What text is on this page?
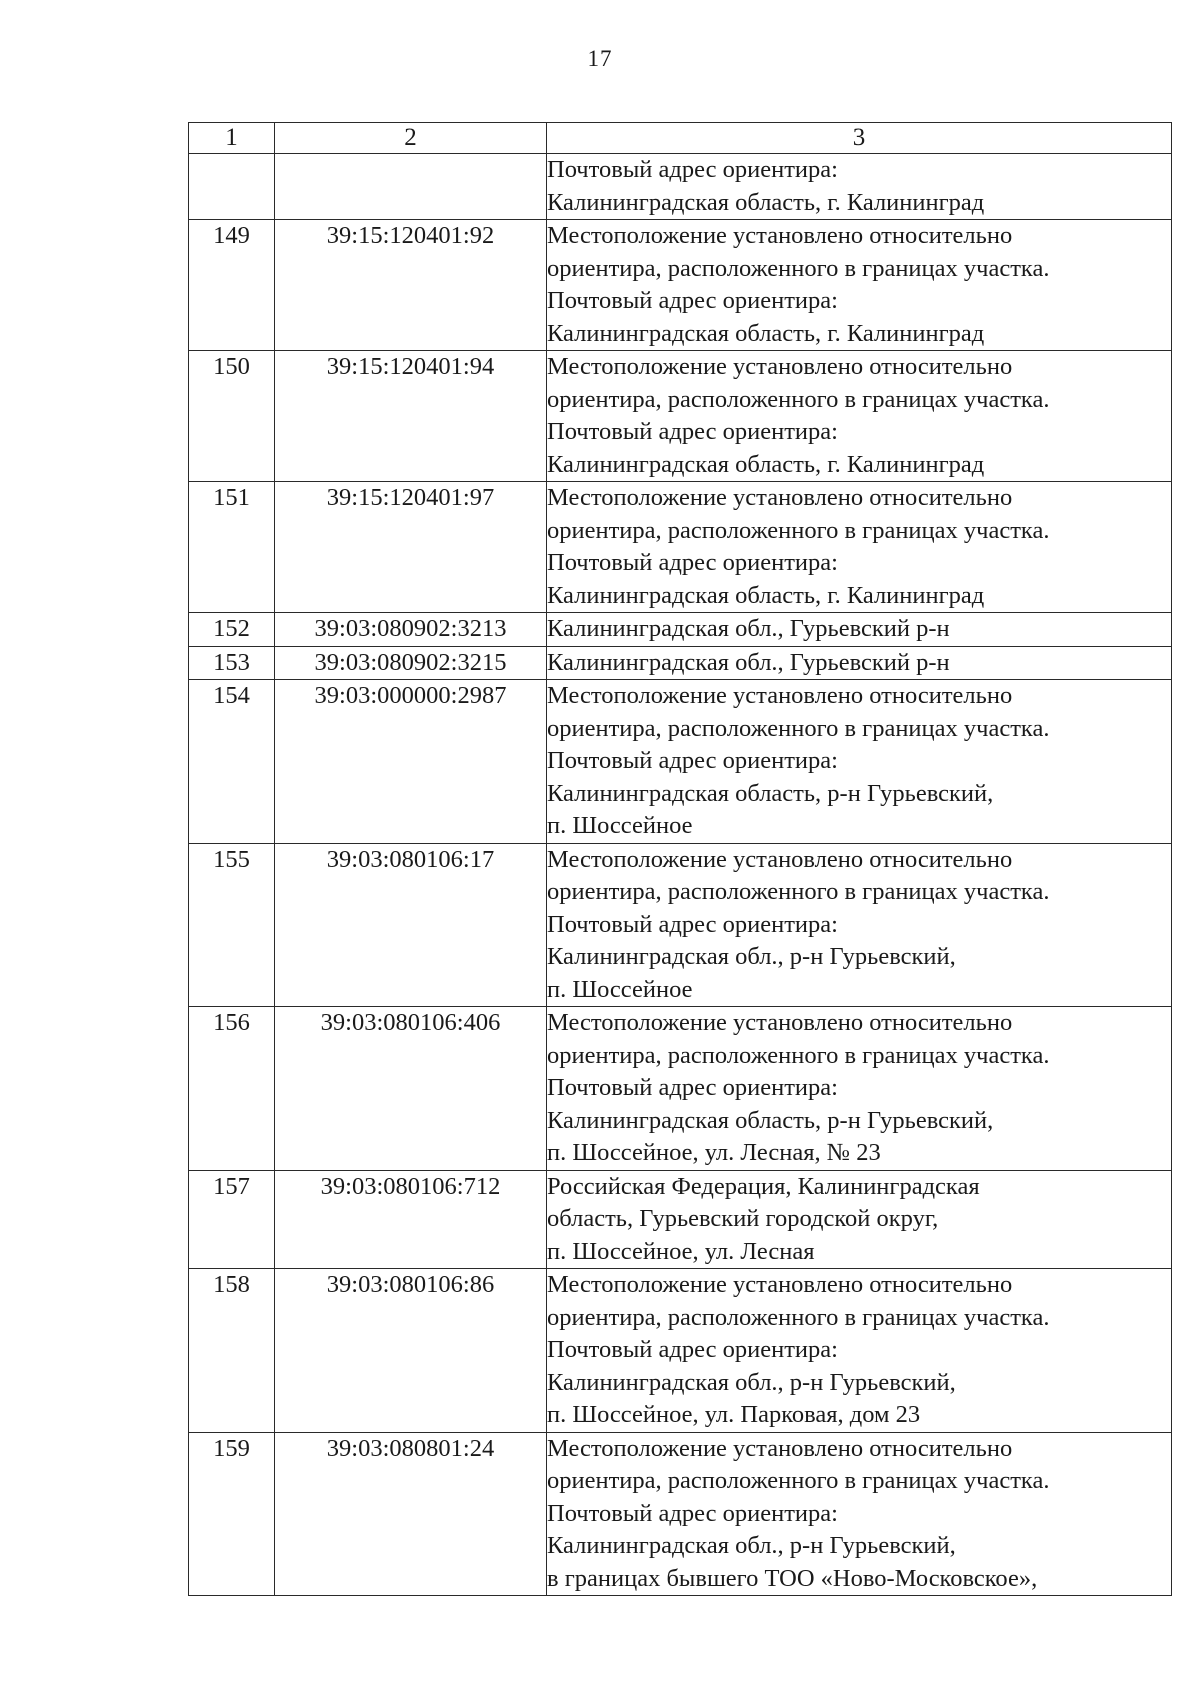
17
1	2	3

		Почтовый адрес ориентира:
Калининградская область, г. Калининград

149	39:15:120401:92	Местоположение установлено относительно
ориентира, расположенного в границах участка.
Почтовый адрес ориентира:
Калининградская область, г. Калининград

150	39:15:120401:94	Местоположение установлено относительно
ориентира, расположенного в границах участка.
Почтовый адрес ориентира:
Калининградская область, г. Калининград

151	39:15:120401:97	Местоположение установлено относительно
ориентира, расположенного в границах участка.
Почтовый адрес ориентира:
Калининградская область, г. Калининград

152	39:03:080902:3213	Калининградская обл., Гурьевский р-н

153	39:03:080902:3215	Калининградская обл., Гурьевский р-н

154	39:03:000000:2987	Местоположение установлено относительно
ориентира, расположенного в границах участка.
Почтовый адрес ориентира:
Калининградская область, р-н Гурьевский,
п. Шоссейное

155	39:03:080106:17	Местоположение установлено относительно
ориентира, расположенного в границах участка.
Почтовый адрес ориентира:
Калининградская обл., р-н Гурьевский,
п. Шоссейное

156	39:03:080106:406	Местоположение установлено относительно
ориентира, расположенного в границах участка.
Почтовый адрес ориентира:
Калининградская область, р-н Гурьевский,
п. Шоссейное, ул. Лесная, № 23

157	39:03:080106:712	Российская Федерация, Калининградская
область, Гурьевский городской округ,
п. Шоссейное, ул. Лесная

158	39:03:080106:86	Местоположение установлено относительно
ориентира, расположенного в границах участка.
Почтовый адрес ориентира:
Калининградская обл., р-н Гурьевский,
п. Шоссейное, ул. Парковая, дом 23

159	39:03:080801:24	Местоположение установлено относительно
ориентира, расположенного в границах участка.
Почтовый адрес ориентира:
Калининградская обл., р-н Гурьевский,
в границах бывшего ТОО «Ново-Московское»,
